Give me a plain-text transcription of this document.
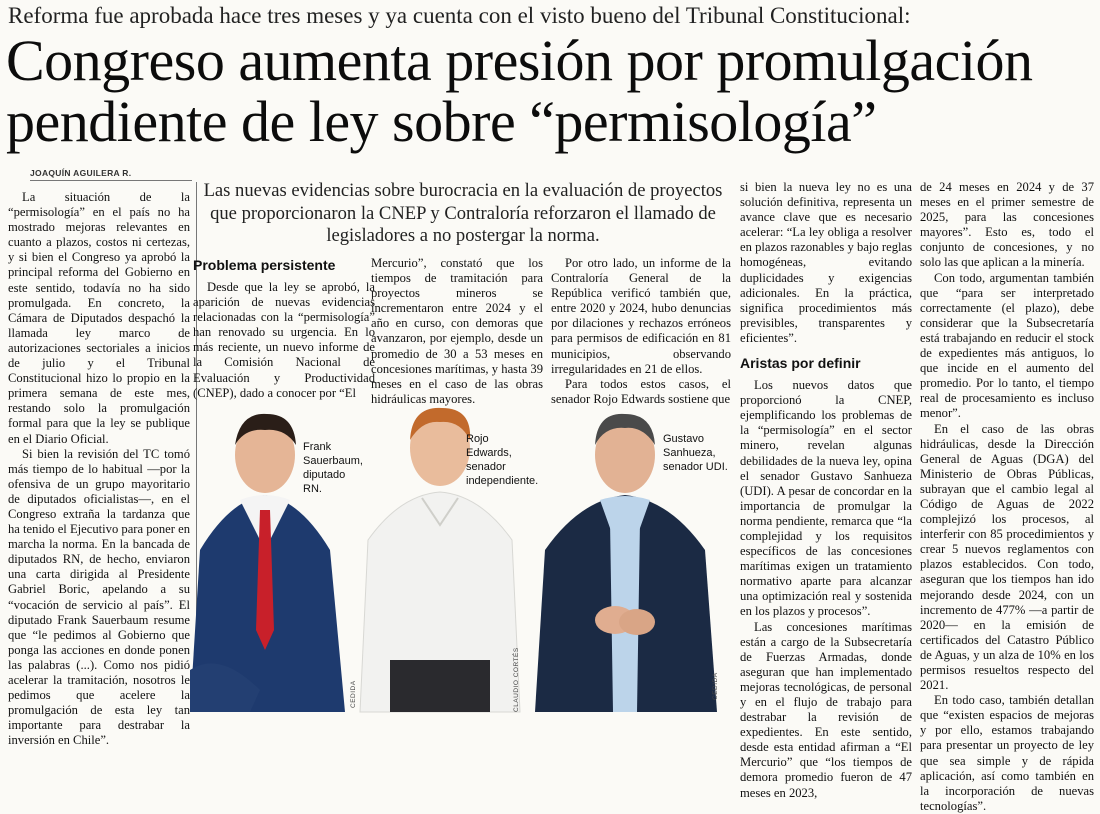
Reforma fue aprobada hace tres meses y ya cuenta con el visto bueno del Tribunal Constitucional:
Congreso aumenta presión por promulgación
pendiente de ley sobre “permisología”
JOAQUÍN AGUILERA R.

La situación de la “permisología” en el país no ha mostrado mejoras relevantes en cuanto a plazos, costos ni certezas, y si bien el Congreso ya aprobó la principal reforma del Gobierno en este sentido, todavía no ha sido promulgada. En concreto, la Cámara de Diputados despachó la llamada ley marco de autorizaciones sectoriales a inicios de julio y el Tribunal Constitucional hizo lo propio en la primera semana de este mes, restando solo la promulgación formal para que la ley se publique en el Diario Oficial.

Si bien la revisión del TC tomó más tiempo de lo habitual —por la ofensiva de un grupo mayoritario de diputados oficialistas—, en el Congreso extraña la tardanza que ha tenido el Ejecutivo para poner en marcha la norma. En la bancada de diputados RN, de hecho, enviaron una carta dirigida al Presidente Gabriel Boric, apelando a su “vocación de servicio al país”. El diputado Frank Sauerbaum resume que “le pedimos al Gobierno que ponga las acciones en donde ponen las palabras (...). Como nos pidió acelerar la tramitación, nosotros le pedimos que acelere la promulgación de esta ley tan importante para destrabar la inversión en Chile”.

Las nuevas evidencias sobre burocracia en la evaluación de proyectos que proporcionaron la CNEP y Contraloría reforzaron el llamado de legisladores a no postergar la norma.
Problema persistente

Desde que la ley se aprobó, la aparición de nuevas evidencias relacionadas con la “permisología” han renovado su urgencia. En lo más reciente, un nuevo informe de la Comisión Nacional de Evaluación y Productividad (CNEP), dado a conocer por “El

Mercurio”, constató que los tiempos de tramitación para proyectos mineros se incrementaron entre 2024 y el año en curso, con demoras que avanzaron, por ejemplo, desde un promedio de 30 a 53 meses en concesiones marítimas, y hasta 39 meses en el caso de las obras hidráulicas mayores.

Por otro lado, un informe de la Contraloría General de la República verificó también que, entre 2020 y 2024, hubo denuncias por dilaciones y rechazos erróneos para permisos de edificación en 81 municipios, observando irregularidades en 21 de ellos.

Para todos estos casos, el senador Rojo Edwards sostiene que

si bien la nueva ley no es una solución definitiva, representa un avance clave que es necesario acelerar: “La ley obliga a resolver en plazos razonables y bajo reglas homogéneas, evitando duplicidades y exigencias adicionales. En la práctica, significa procedimientos más previsibles, transparentes y eficientes”.

Aristas por definir

Los nuevos datos que proporcionó la CNEP, ejemplificando los problemas de la “permisología” en el sector minero, revelan algunas debilidades de la nueva ley, opina el senador Gustavo Sanhueza (UDI). A pesar de concordar en la importancia de promulgar la norma pendiente, remarca que “la complejidad y los requisitos específicos de las concesiones marítimas exigen un tratamiento normativo aparte para alcanzar una optimización real y sostenida en los plazos y procesos”.

Las concesiones marítimas están a cargo de la Subsecretaría de Fuerzas Armadas, donde aseguran que han implementado mejoras tecnológicas, de personal y en el flujo de trabajo para destrabar la revisión de expedientes. En este sentido, desde esta entidad afirman a “El Mercurio” que “los tiempos de demora promedio fueron de 47 meses en 2023,

de 24 meses en 2024 y de 37 meses en el primer semestre de 2025, para las concesiones mayores”. Esto es, todo el conjunto de concesiones, y no solo las que aplican a la minería.

Con todo, argumentan también que “para ser interpretado correctamente (el plazo), debe considerar que la Subsecretaría está trabajando en reducir el stock de expedientes más antiguos, lo que incide en el aumento del promedio. Por lo tanto, el tiempo real de procesamiento es incluso menor”.

En el caso de las obras hidráulicas, desde la Dirección General de Aguas (DGA) del Ministerio de Obras Públicas, subrayan que el cambio legal al Código de Aguas de 2022 complejizó los procesos, al interferir con 85 procedimientos y crear 5 nuevos reglamentos con plazos establecidos. Con todo, aseguran que los tiempos han ido mejorando desde 2024, con un incremento de 477% —a partir de 2020— en la emisión de certificados del Catastro Público de Aguas, y un alza de 10% en los permisos resueltos respecto del 2021.

En todo caso, también detallan que “existen espacios de mejoras y por ello, estamos trabajando para presentar un proyecto de ley que sea simple y de rápida aplicación, así como también en la incorporación de nuevas tecnologías”.

Frank Sauerbaum, diputado RN.
CEDIDA
Rojo Edwards, senador independiente.
CLAUDIO CORTÉS
Gustavo Sanhueza, senador UDI.
CEDIDA
